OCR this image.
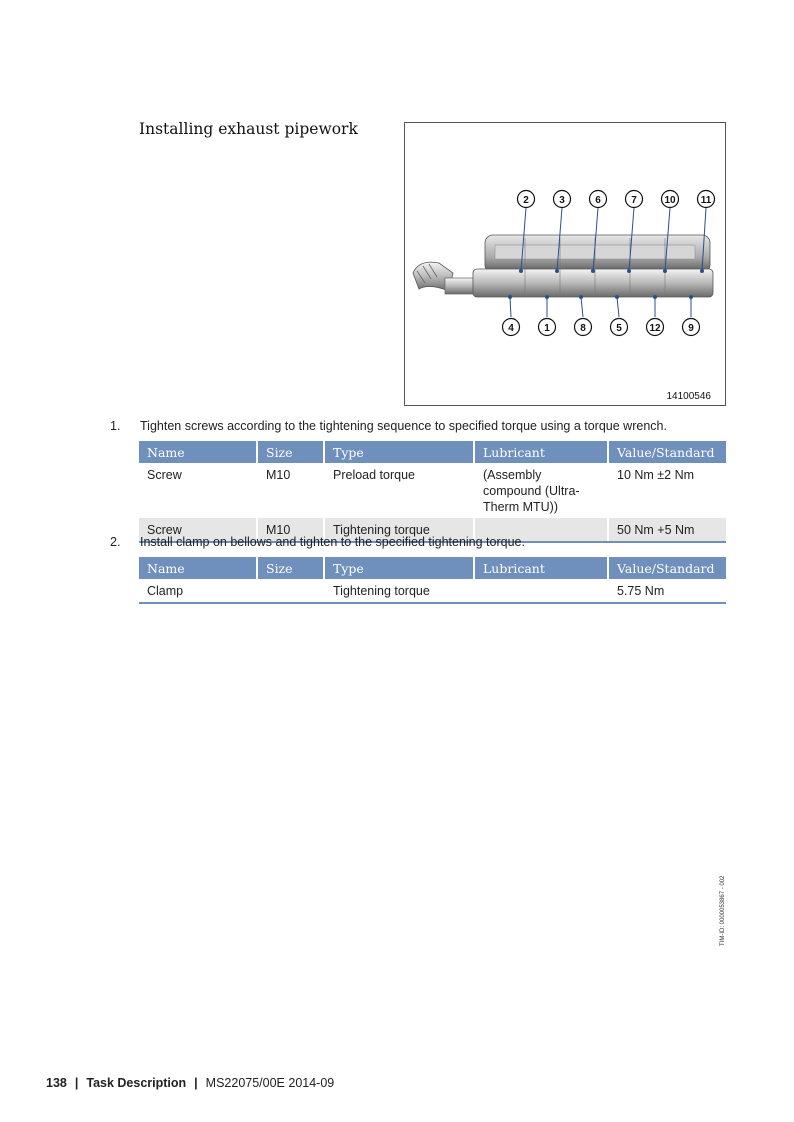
Installing exhaust pipework
2	3	6	7	10	11
4	1	8	5	12	9
14100546
1. Tighten screws according to the tightening sequence to specified torque using a torque wrench.
Name	Size	Type	Lubricant	Value/Standard
Screw	M10	Preload torque	(Assembly compound (Ultra-Therm MTU))	10 Nm ±2 Nm
Screw	M10	Tightening torque		50 Nm +5 Nm
2. Install clamp on bellows and tighten to the specified tightening torque.
Name	Size	Type	Lubricant	Value/Standard
Clamp		Tightening torque		5.75 Nm
TIM-ID: 0000053867 - 002
138 | Task Description | MS22075/00E 2014-09
